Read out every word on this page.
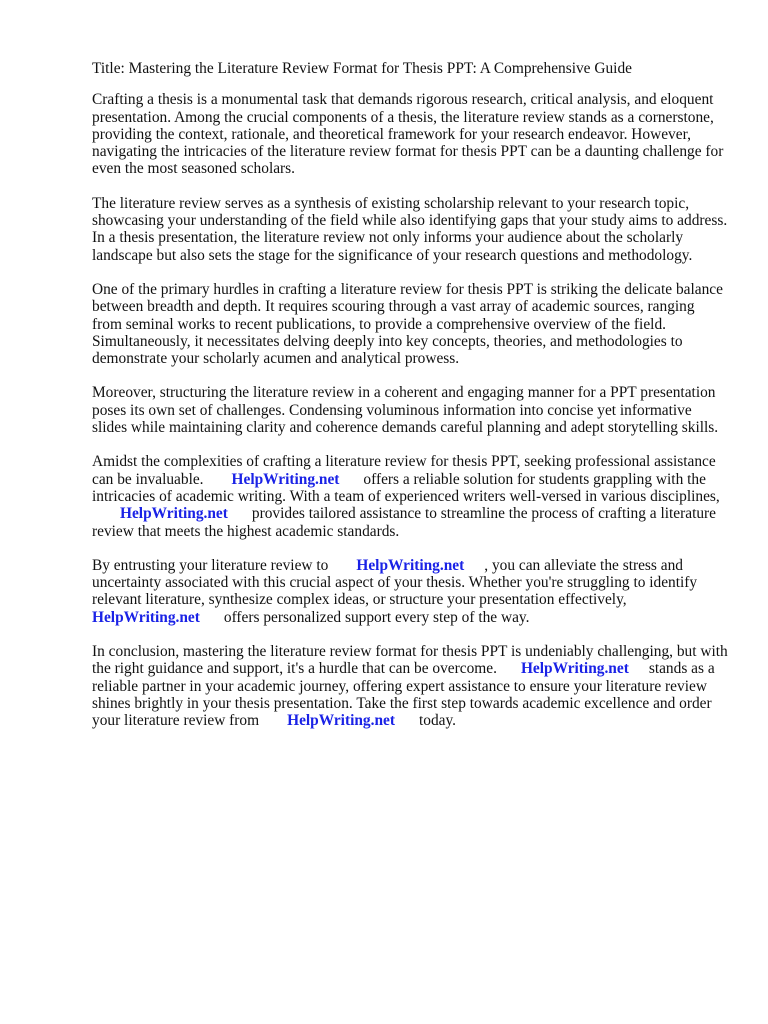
Title: Mastering the Literature Review Format for Thesis PPT: A Comprehensive Guide

Crafting a thesis is a monumental task that demands rigorous research, critical analysis, and eloquent presentation. Among the crucial components of a thesis, the literature review stands as a cornerstone, providing the context, rationale, and theoretical framework for your research endeavor. However, navigating the intricacies of the literature review format for thesis PPT can be a daunting challenge for even the most seasoned scholars.

The literature review serves as a synthesis of existing scholarship relevant to your research topic, showcasing your understanding of the field while also identifying gaps that your study aims to address. In a thesis presentation, the literature review not only informs your audience about the scholarly landscape but also sets the stage for the significance of your research questions and methodology.

One of the primary hurdles in crafting a literature review for thesis PPT is striking the delicate balance between breadth and depth. It requires scouring through a vast array of academic sources, ranging from seminal works to recent publications, to provide a comprehensive overview of the field. Simultaneously, it necessitates delving deeply into key concepts, theories, and methodologies to demonstrate your scholarly acumen and analytical prowess.

Moreover, structuring the literature review in a coherent and engaging manner for a PPT presentation poses its own set of challenges. Condensing voluminous information into concise yet informative slides while maintaining clarity and coherence demands careful planning and adept storytelling skills.

Amidst the complexities of crafting a literature review for thesis PPT, seeking professional assistance can be invaluable. HelpWriting.net offers a reliable solution for students grappling with the intricacies of academic writing. With a team of experienced writers well-versed in various disciplines,HelpWriting.net provides tailored assistance to streamline the process of crafting a literature review that meets the highest academic standards.

By entrusting your literature review to HelpWriting.net , you can alleviate the stress and uncertainty associated with this crucial aspect of your thesis. Whether you're struggling to identify relevant literature, synthesize complex ideas, or structure your presentation effectively,HelpWriting.net offers personalized support every step of the way.

In conclusion, mastering the literature review format for thesis PPT is undeniably challenging, but with the right guidance and support, it's a hurdle that can be overcome. HelpWriting.net stands as a reliable partner in your academic journey, offering expert assistance to ensure your literature review shines brightly in your thesis presentation. Take the first step towards academic excellence and order your literature review from HelpWriting.net today.
